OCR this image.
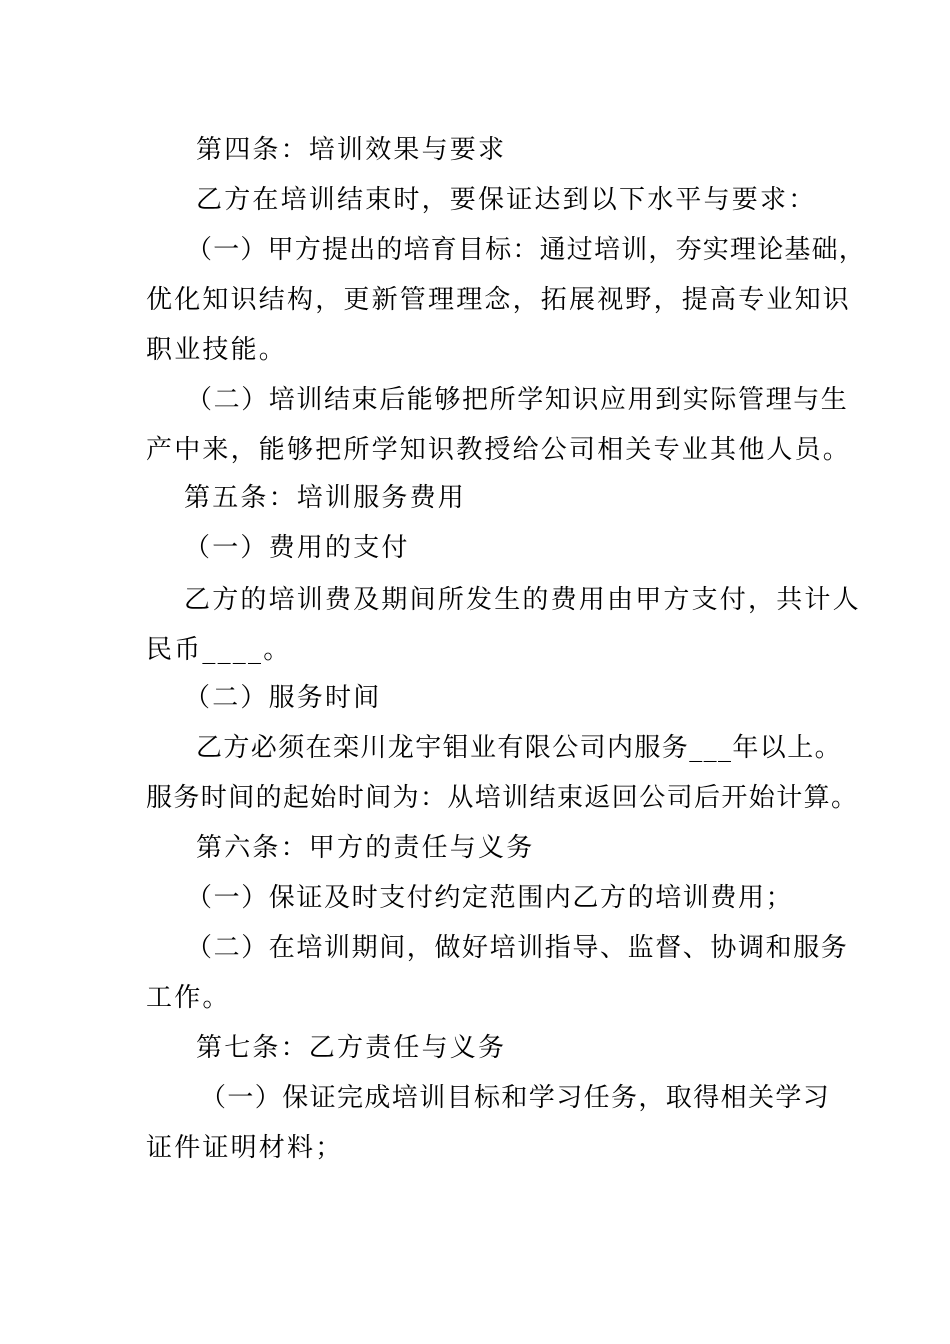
第四条：培训效果与要求
乙方在培训结束时，要保证达到以下水平与要求：
（一）甲方提出的培育目标：通过培训，夯实理论基础，
优化知识结构，更新管理理念，拓展视野，提高专业知识
职业技能。
（二）培训结束后能够把所学知识应用到实际管理与生
产中来，能够把所学知识教授给公司相关专业其他人员。
第五条：培训服务费用
（一）费用的支付
乙方的培训费及期间所发生的费用由甲方支付，共计人
民币____。
（二）服务时间
乙方必须在栾川龙宇钼业有限公司内服务___年以上。
服务时间的起始时间为：从培训结束返回公司后开始计算。
第六条：甲方的责任与义务
（一）保证及时支付约定范围内乙方的培训费用；
（二）在培训期间，做好培训指导、监督、协调和服务
工作。
第七条：乙方责任与义务
（一）保证完成培训目标和学习任务，取得相关学习
证件证明材料；
